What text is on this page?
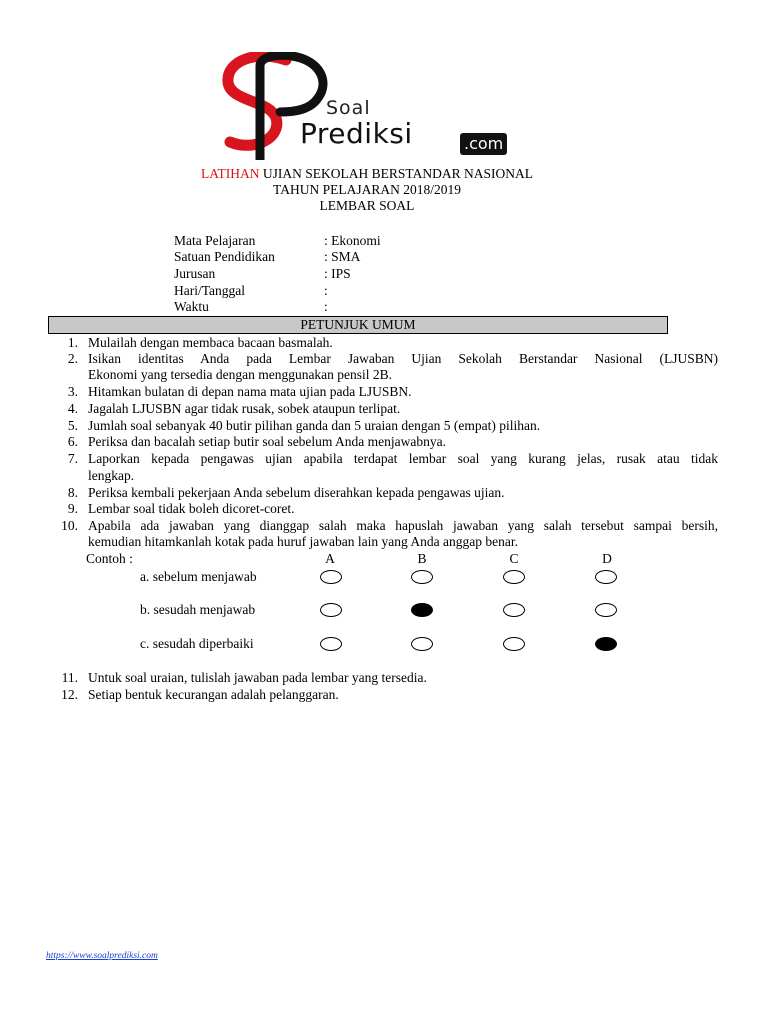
Soal
Prediksi	.com
LATIHAN UJIAN SEKOLAH BERSTANDAR NASIONAL
TAHUN PELAJARAN 2018/2019
LEMBAR SOAL
Mata Pelajaran	: Ekonomi
Satuan Pendidikan	: SMA
Jurusan	: IPS
Hari/Tanggal	:
Waktu	:
PETUNJUK UMUM
1. Mulailah dengan membaca bacaan basmalah.
2. Isikan identitas Anda pada Lembar Jawaban Ujian Sekolah Berstandar Nasional (LJUSBN)
Ekonomi yang tersedia dengan menggunakan pensil 2B.
3. Hitamkan bulatan di depan nama mata ujian pada LJUSBN.
4. Jagalah LJUSBN agar tidak rusak, sobek ataupun terlipat.
5. Jumlah soal sebanyak 40 butir pilihan ganda dan 5 uraian dengan 5 (empat) pilihan.
6. Periksa dan bacalah setiap butir soal sebelum Anda menjawabnya.
7. Laporkan kepada pengawas ujian apabila terdapat lembar soal yang kurang jelas, rusak atau tidak
lengkap.
8. Periksa kembali pekerjaan Anda sebelum diserahkan kepada pengawas ujian.
9. Lembar soal tidak boleh dicoret-coret.
10. Apabila ada jawaban yang dianggap salah maka hapuslah jawaban yang salah tersebut sampai bersih,
kemudian hitamkanlah kotak pada huruf jawaban lain yang Anda anggap benar.
Contoh :	A	B	C	D
a. sebelum menjawab
b. sesudah menjawab
c. sesudah diperbaiki
11. Untuk soal uraian, tulislah jawaban pada lembar yang tersedia.
12. Setiap bentuk kecurangan adalah pelanggaran.
https://www.soalprediksi.com
